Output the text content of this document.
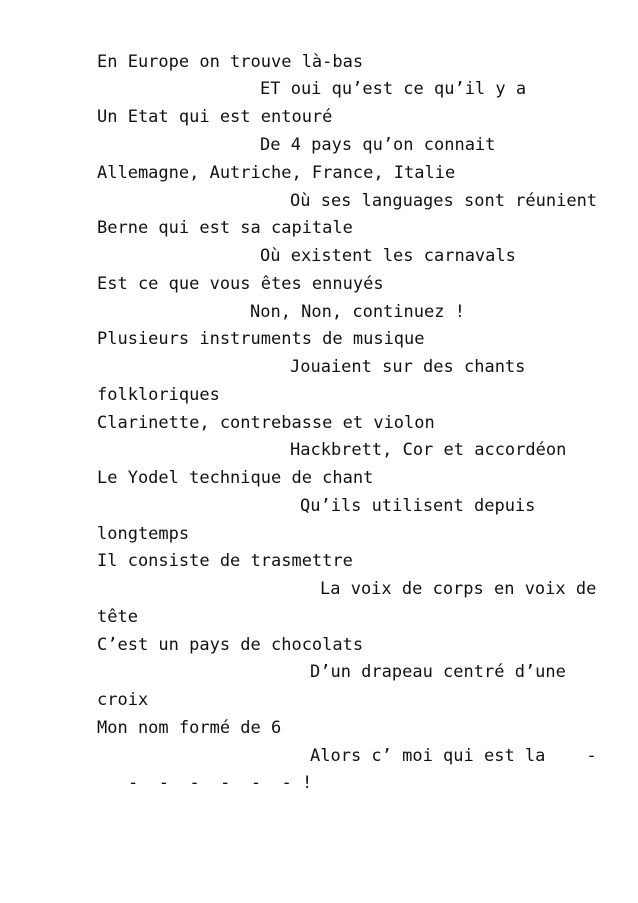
En Europe on trouve là-bas
ET oui qu’est ce qu’il y a
Un Etat qui est entouré
De 4 pays qu’on connait
Allemagne, Autriche, France, Italie
Où ses languages sont réunient
Berne qui est sa capitale
Où existent les carnavals
Est ce que vous êtes ennuyés
Non, Non, continuez !
Plusieurs instruments de musique
Jouaient sur des chants
folkloriques
Clarinette, contrebasse et violon
Hackbrett, Cor et accordéon
Le Yodel technique de chant
Qu’ils utilisent depuis
longtemps
Il consiste de trasmettre
La voix de corps en voix de
tête
C’est un pays de chocolats
D’un drapeau centré d’une
croix
Mon nom formé de 6
Alors c’ moi qui est la    -
-  -  -  -  -  - !
